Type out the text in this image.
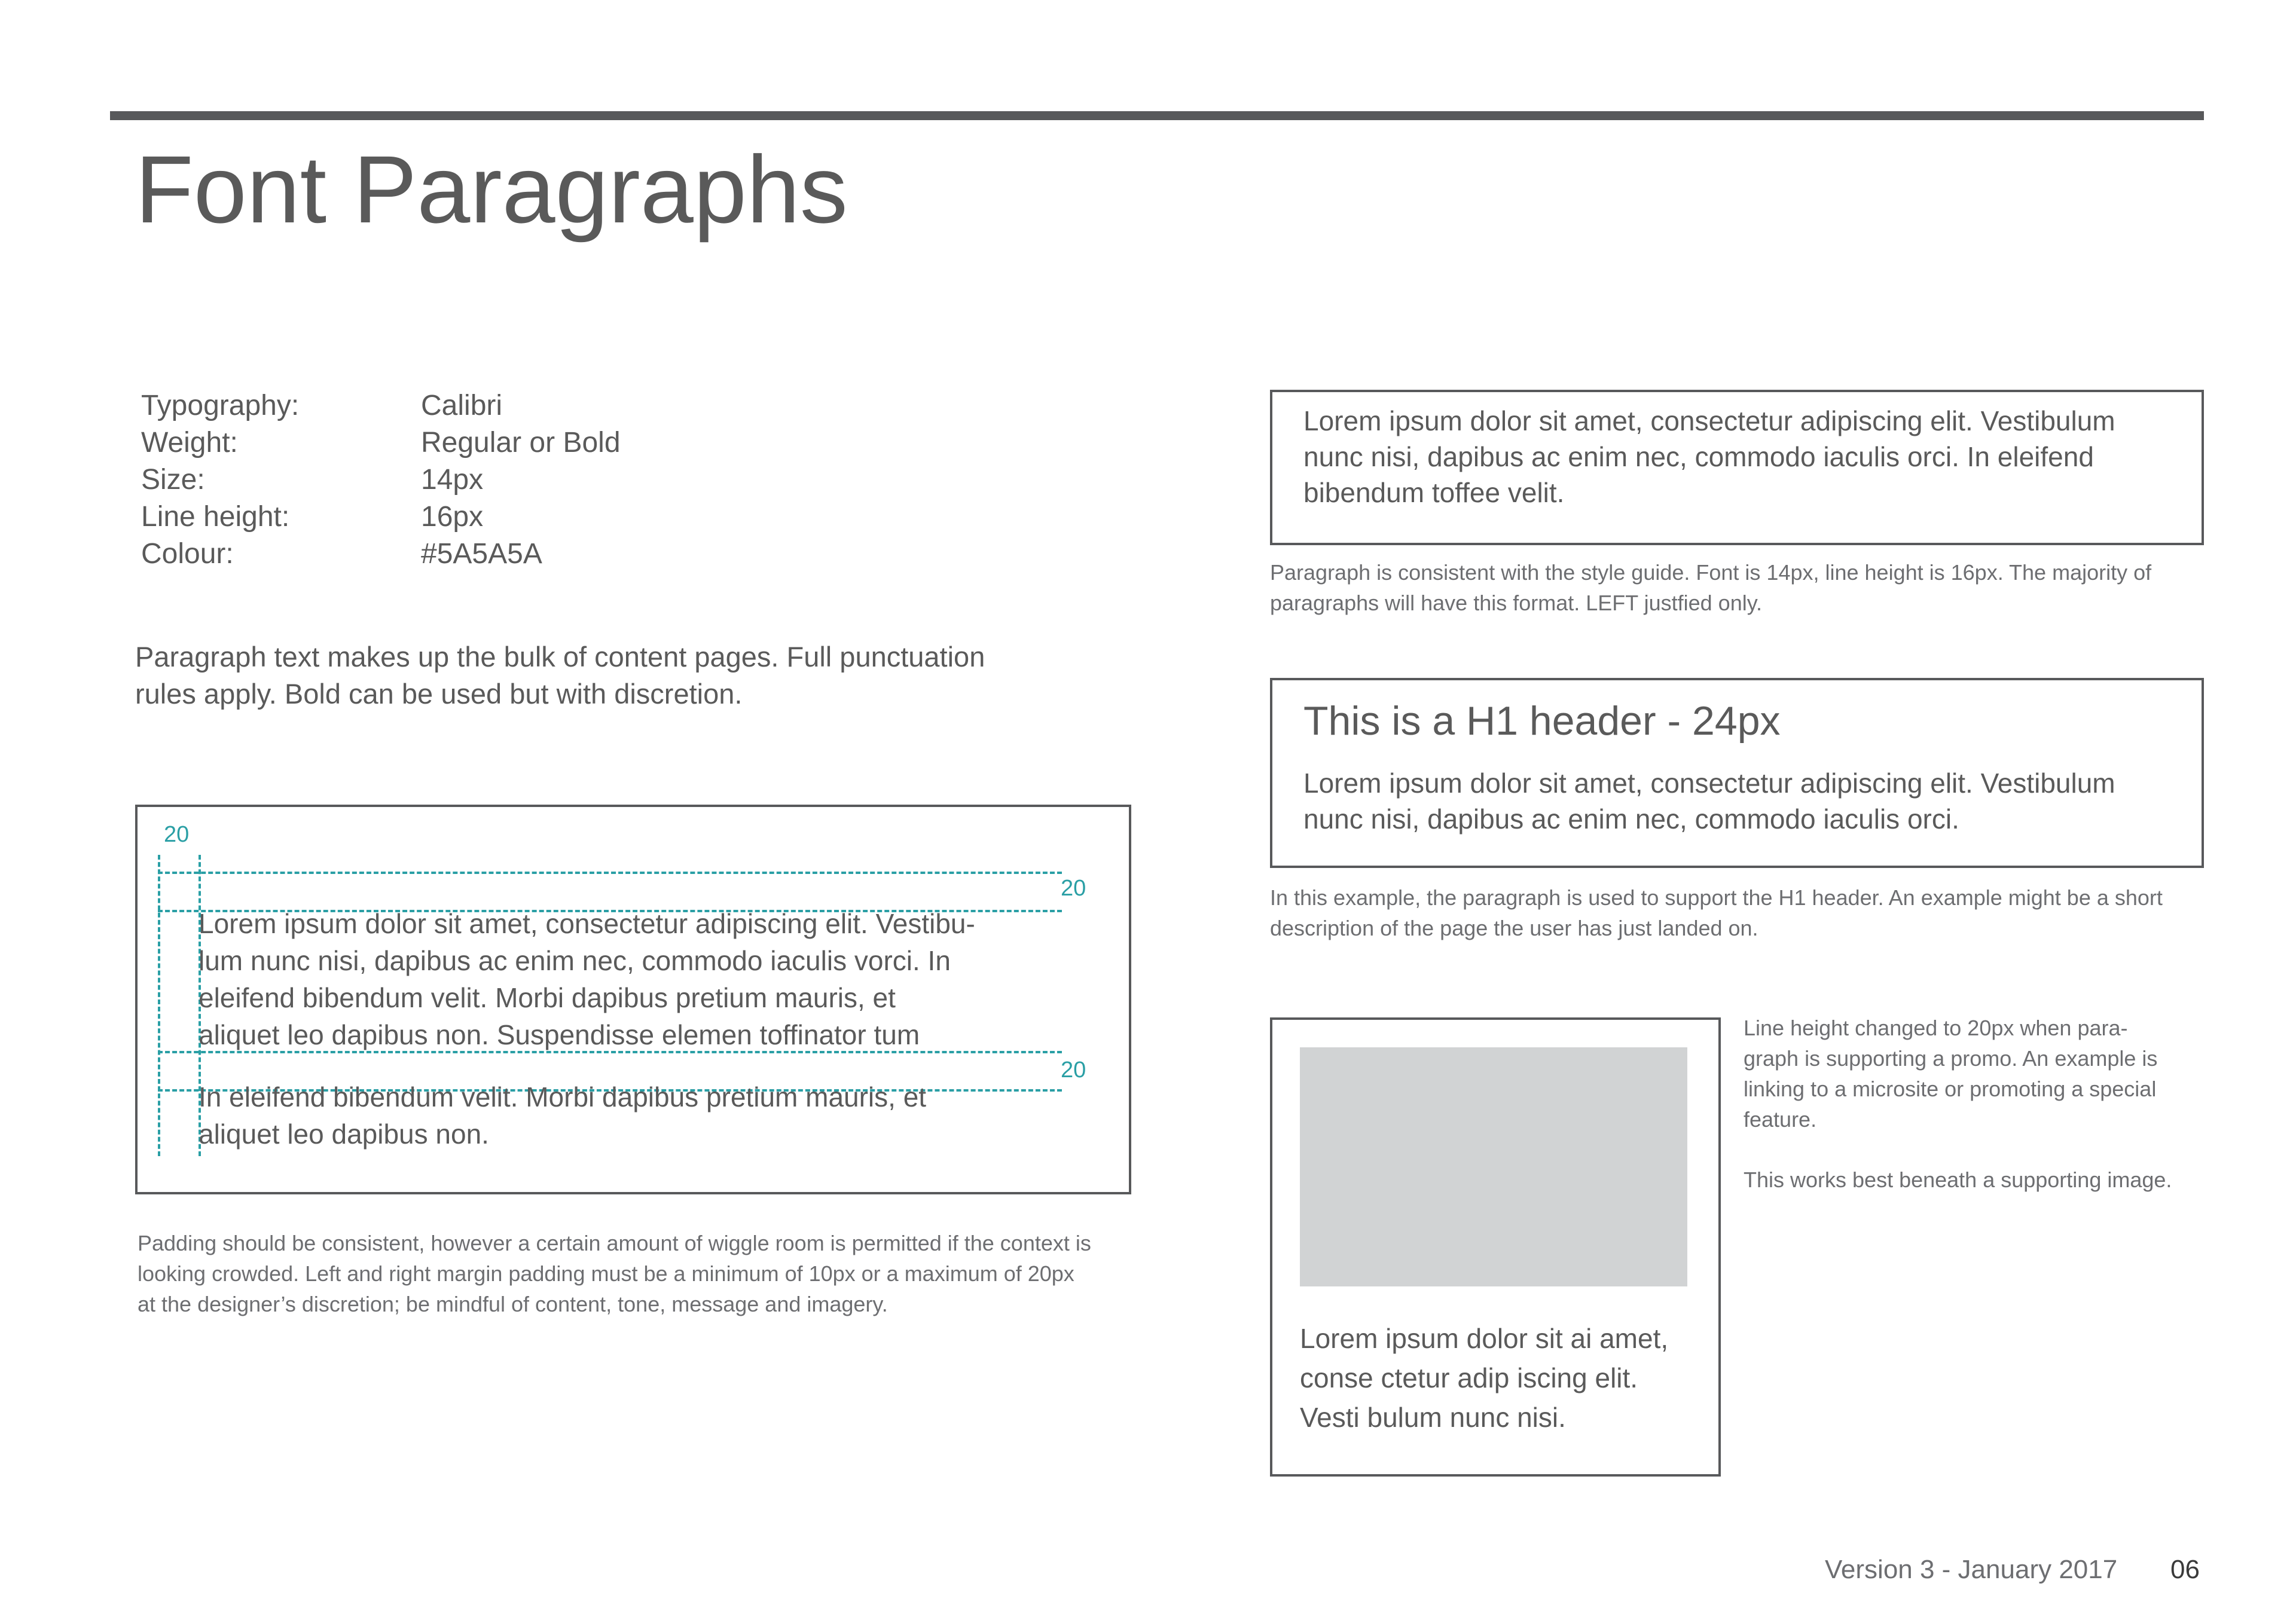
Font Paragraphs
Typography:	Calibri
Weight:	Regular or Bold
Size:	14px
Line height:	16px
Colour:	#5A5A5A
Paragraph text makes up the bulk of content pages. Full punctuation
rules apply. Bold can be used but with discretion.
20
20
20
Lorem ipsum dolor sit amet, consectetur adipiscing elit. Vestibu-
lum nunc nisi, dapibus ac enim nec, commodo iaculis vorci. In
eleifend bibendum velit. Morbi dapibus pretium mauris, et
aliquet leo dapibus non. Suspendisse elemen toffinator tum
In eleifend bibendum velit. Morbi dapibus pretium mauris, et
aliquet leo dapibus non.
Padding should be consistent, however a certain amount of wiggle room is permitted if the context is looking crowded. Left and right margin padding must be a minimum of 10px or a maximum of 20px at the designer’s discretion; be mindful of content, tone, message and imagery.
Lorem ipsum dolor sit amet, consectetur adipiscing elit. Vestibulum
nunc nisi, dapibus ac enim nec, commodo iaculis orci. In eleifend
bibendum toffee velit.
Paragraph is consistent with the style guide. Font is 14px, line height is 16px. The majority of paragraphs will have this format. LEFT justfied only.
This is a H1 header - 24px
Lorem ipsum dolor sit amet, consectetur adipiscing elit. Vestibulum
nunc nisi, dapibus ac enim nec, commodo iaculis orci.
In this example, the paragraph is used to support the H1 header. An example might be a short description of the page the user has just landed on.
Lorem ipsum dolor sit ai amet,
conse ctetur adip iscing elit.
Vesti bulum nunc nisi.
Line height changed to 20px when para-
graph is supporting a promo. An example is
linking to a microsite or promoting a special
feature.
This works best beneath a supporting image.
Version 3 - January 2017 06
